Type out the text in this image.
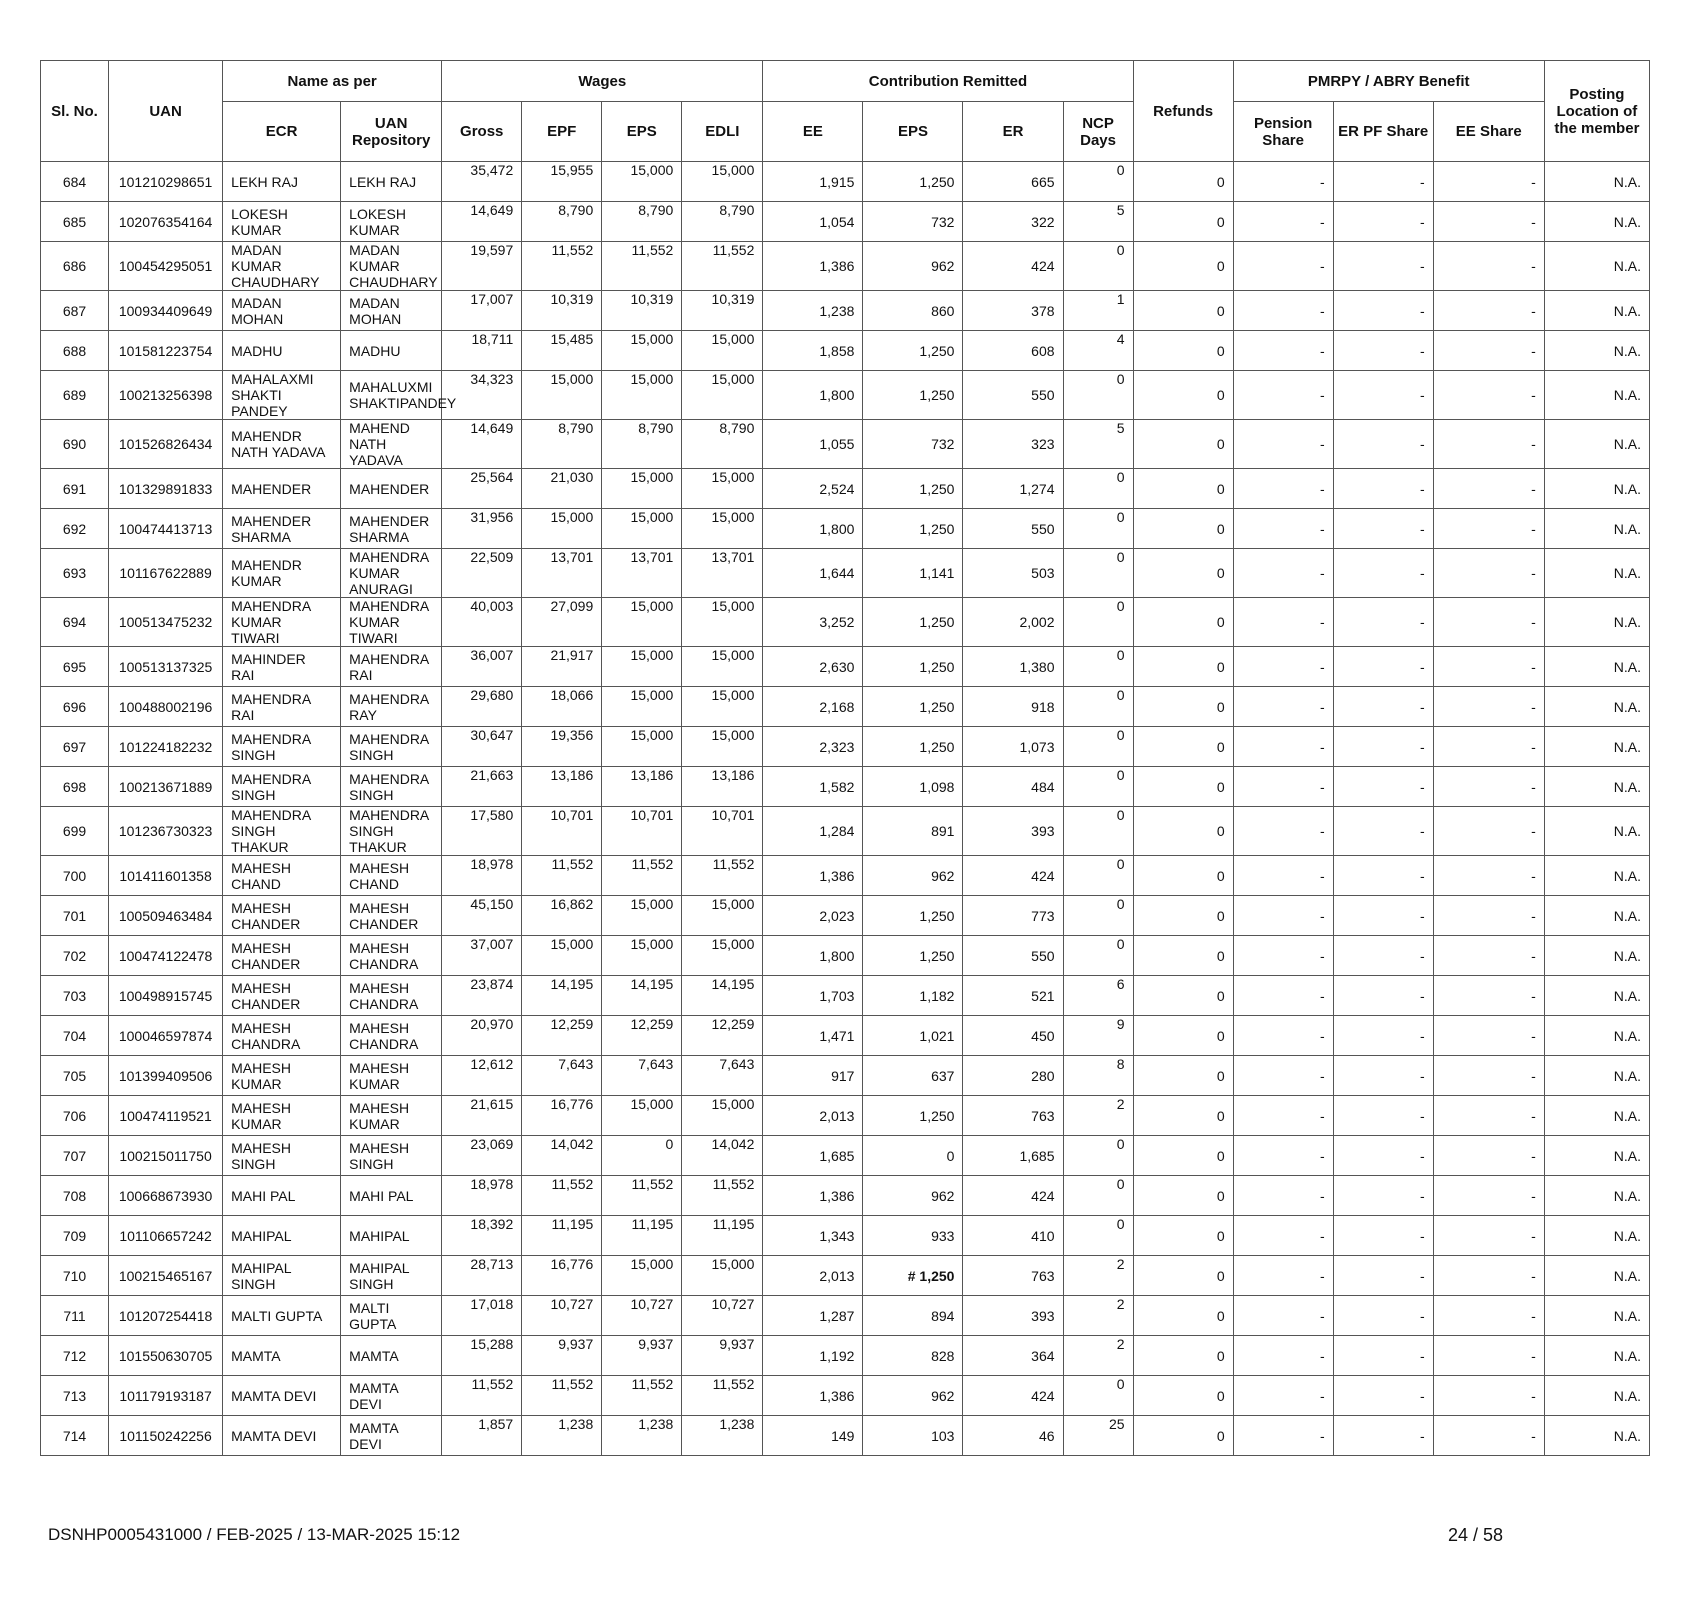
Sl. No.	UAN	Name as per		Wages				Contribution Remitted				Refunds	PMRPY / ABRY Benefit			Posting Location of the member
		ECR	UAN Repository	Gross	EPF	EPS	EDLI	EE	EPS	ER	NCP Days		Pension Share	ER PF Share	EE Share	
684	101210298651	LEKH RAJ	LEKH RAJ	35,472	15,955	15,000	15,000	1,915	1,250	665	0	0	-	-	-	N.A.
685	102076354164	LOKESH KUMAR	LOKESH KUMAR	14,649	8,790	8,790	8,790	1,054	732	322	5	0	-	-	-	N.A.
686	100454295051	MADAN KUMAR CHAUDHARY	MADAN KUMAR CHAUDHARY	19,597	11,552	11,552	11,552	1,386	962	424	0	0	-	-	-	N.A.
687	100934409649	MADAN MOHAN	MADAN MOHAN	17,007	10,319	10,319	10,319	1,238	860	378	1	0	-	-	-	N.A.
688	101581223754	MADHU	MADHU	18,711	15,485	15,000	15,000	1,858	1,250	608	4	0	-	-	-	N.A.
689	100213256398	MAHALAXMI SHAKTI PANDEY	MAHALUXMI SHAKTIPANDEY	34,323	15,000	15,000	15,000	1,800	1,250	550	0	0	-	-	-	N.A.
690	101526826434	MAHENDR NATH YADAVA	MAHEND NATH YADAVA	14,649	8,790	8,790	8,790	1,055	732	323	5	0	-	-	-	N.A.
691	101329891833	MAHENDER	MAHENDER	25,564	21,030	15,000	15,000	2,524	1,250	1,274	0	0	-	-	-	N.A.
692	100474413713	MAHENDER SHARMA	MAHENDER SHARMA	31,956	15,000	15,000	15,000	1,800	1,250	550	0	0	-	-	-	N.A.
693	101167622889	MAHENDR KUMAR	MAHENDRA KUMAR ANURAGI	22,509	13,701	13,701	13,701	1,644	1,141	503	0	0	-	-	-	N.A.
694	100513475232	MAHENDRA KUMAR TIWARI	MAHENDRA KUMAR TIWARI	40,003	27,099	15,000	15,000	3,252	1,250	2,002	0	0	-	-	-	N.A.
695	100513137325	MAHINDER RAI	MAHENDRA RAI	36,007	21,917	15,000	15,000	2,630	1,250	1,380	0	0	-	-	-	N.A.
696	100488002196	MAHENDRA RAI	MAHENDRA RAY	29,680	18,066	15,000	15,000	2,168	1,250	918	0	0	-	-	-	N.A.
697	101224182232	MAHENDRA SINGH	MAHENDRA SINGH	30,647	19,356	15,000	15,000	2,323	1,250	1,073	0	0	-	-	-	N.A.
698	100213671889	MAHENDRA SINGH	MAHENDRA SINGH	21,663	13,186	13,186	13,186	1,582	1,098	484	0	0	-	-	-	N.A.
699	101236730323	MAHENDRA SINGH THAKUR	MAHENDRA SINGH THAKUR	17,580	10,701	10,701	10,701	1,284	891	393	0	0	-	-	-	N.A.
700	101411601358	MAHESH CHAND	MAHESH CHAND	18,978	11,552	11,552	11,552	1,386	962	424	0	0	-	-	-	N.A.
701	100509463484	MAHESH CHANDER	MAHESH CHANDER	45,150	16,862	15,000	15,000	2,023	1,250	773	0	0	-	-	-	N.A.
702	100474122478	MAHESH CHANDER	MAHESH CHANDRA	37,007	15,000	15,000	15,000	1,800	1,250	550	0	0	-	-	-	N.A.
703	100498915745	MAHESH CHANDER	MAHESH CHANDRA	23,874	14,195	14,195	14,195	1,703	1,182	521	6	0	-	-	-	N.A.
704	100046597874	MAHESH CHANDRA	MAHESH CHANDRA	20,970	12,259	12,259	12,259	1,471	1,021	450	9	0	-	-	-	N.A.
705	101399409506	MAHESH KUMAR	MAHESH KUMAR	12,612	7,643	7,643	7,643	917	637	280	8	0	-	-	-	N.A.
706	100474119521	MAHESH KUMAR	MAHESH KUMAR	21,615	16,776	15,000	15,000	2,013	1,250	763	2	0	-	-	-	N.A.
707	100215011750	MAHESH SINGH	MAHESH SINGH	23,069	14,042	0	14,042	1,685	0	1,685	0	0	-	-	-	N.A.
708	100668673930	MAHI PAL	MAHI PAL	18,978	11,552	11,552	11,552	1,386	962	424	0	0	-	-	-	N.A.
709	101106657242	MAHIPAL	MAHIPAL	18,392	11,195	11,195	11,195	1,343	933	410	0	0	-	-	-	N.A.
710	100215465167	MAHIPAL SINGH	MAHIPAL SINGH	28,713	16,776	15,000	15,000	2,013	# 1,250	763	2	0	-	-	-	N.A.
711	101207254418	MALTI GUPTA	MALTI GUPTA	17,018	10,727	10,727	10,727	1,287	894	393	2	0	-	-	-	N.A.
712	101550630705	MAMTA	MAMTA	15,288	9,937	9,937	9,937	1,192	828	364	2	0	-	-	-	N.A.
713	101179193187	MAMTA DEVI	MAMTA DEVI	11,552	11,552	11,552	11,552	1,386	962	424	0	0	-	-	-	N.A.
714	101150242256	MAMTA DEVI	MAMTA DEVI	1,857	1,238	1,238	1,238	149	103	46	25	0	-	-	-	N.A.
DSNHP0005431000 / FEB-2025 / 13-MAR-2025 15:12	24 / 58
